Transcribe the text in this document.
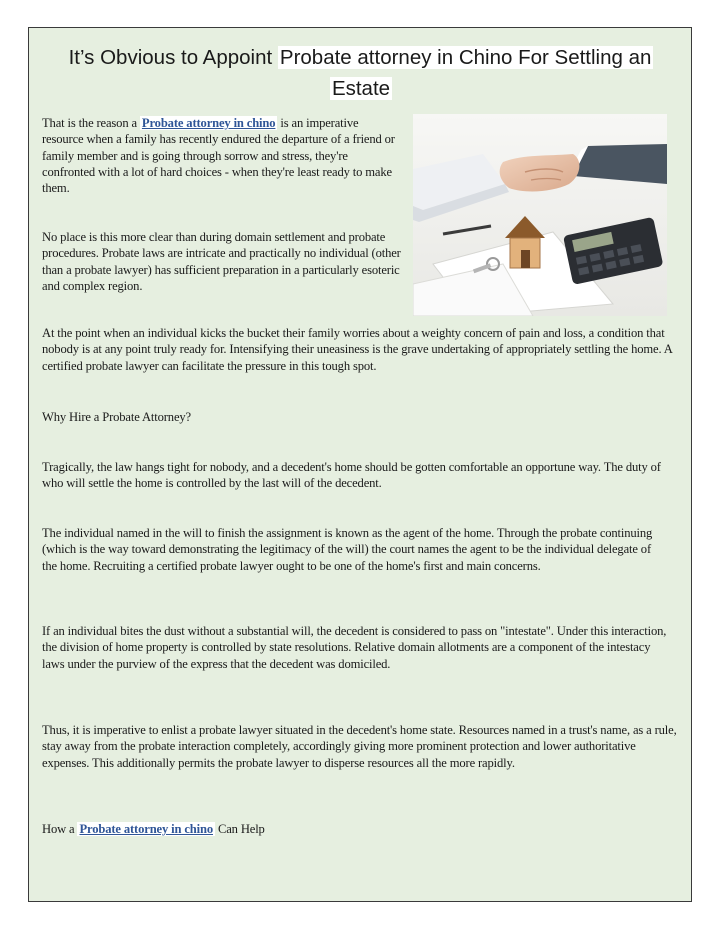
It’s Obvious to Appoint Probate attorney in Chino For Settling an
Estate

That is the reason a Probate attorney in chino is an imperative resource when a family has recently endured the departure of a friend or family member and is going through sorrow and stress, they're confronted with a lot of hard choices - when they're least ready to make them.

No place is this more clear than during domain settlement and probate procedures. Probate laws are intricate and practically no individual (other than a probate lawyer) has sufficient preparation in a particularly esoteric and complex region.

At the point when an individual kicks the bucket their family worries about a weighty concern of pain and loss, a condition that nobody is at any point truly ready for. Intensifying their uneasiness is the grave undertaking of appropriately settling the home. A certified probate lawyer can facilitate the pressure in this tough spot.

Why Hire a Probate Attorney?

Tragically, the law hangs tight for nobody, and a decedent's home should be gotten comfortable an opportune way. The duty of who will settle the home is controlled by the last will of the decedent.

The individual named in the will to finish the assignment is known as the agent of the home. Through the probate continuing (which is the way toward demonstrating the legitimacy of the will) the court names the agent to be the individual delegate of the home. Recruiting a certified probate lawyer ought to be one of the home's first and main concerns.

If an individual bites the dust without a substantial will, the decedent is considered to pass on "intestate". Under this interaction, the division of home property is controlled by state resolutions. Relative domain allotments are a component of the intestacy laws under the purview of the express that the decedent was domiciled.

Thus, it is imperative to enlist a probate lawyer situated in the decedent's home state. Resources named in a trust's name, as a rule, stay away from the probate interaction completely, accordingly giving more prominent protection and lower authoritative expenses. This additionally permits the probate lawyer to disperse resources all the more rapidly.

How a Probate attorney in chino Can Help
